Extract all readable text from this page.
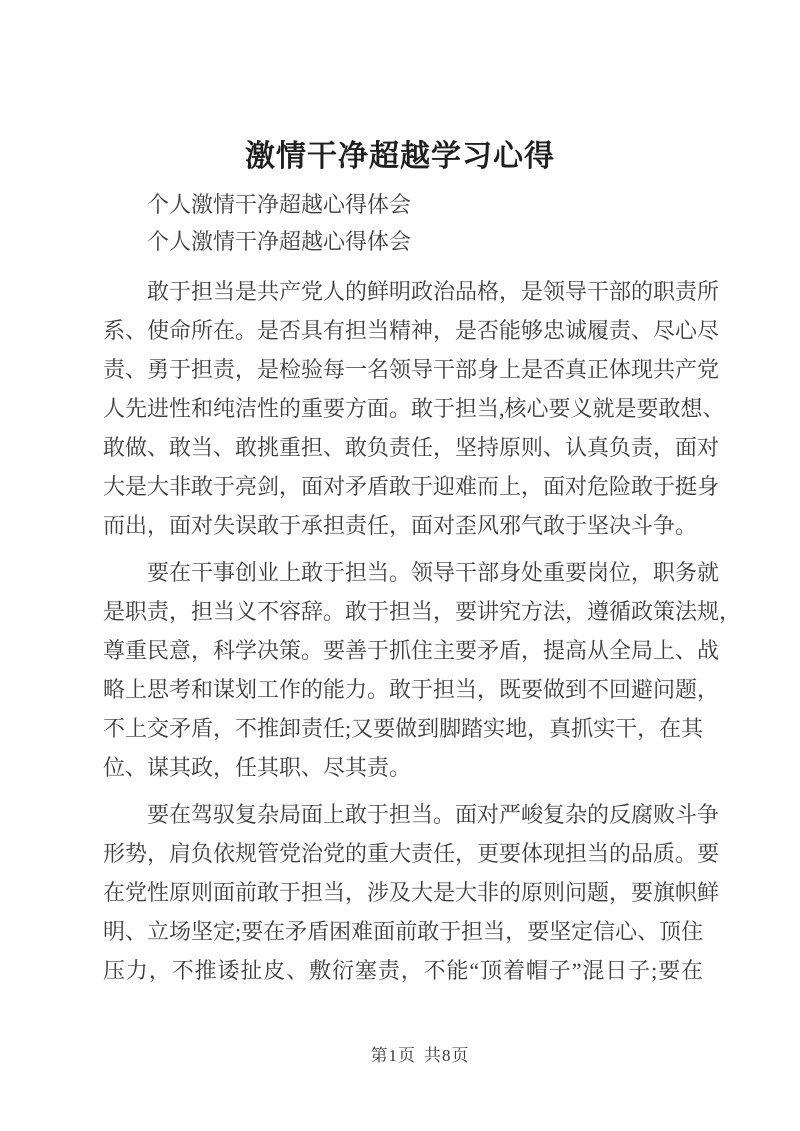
激情干净超越学习心得
个人激情干净超越心得体会
个人激情干净超越心得体会
敢于担当是共产党人的鲜明政治品格，是领导干部的职责所
系、使命所在。是否具有担当精神，是否能够忠诚履责、尽心尽
责、勇于担责，是检验每一名领导干部身上是否真正体现共产党
人先进性和纯洁性的重要方面。敢于担当,核心要义就是要敢想、
敢做、敢当、敢挑重担、敢负责任，坚持原则、认真负责，面对
大是大非敢于亮剑，面对矛盾敢于迎难而上，面对危险敢于挺身
而出，面对失误敢于承担责任，面对歪风邪气敢于坚决斗争。
要在干事创业上敢于担当。领导干部身处重要岗位，职务就
是职责，担当义不容辞。敢于担当，要讲究方法，遵循政策法规，
尊重民意，科学决策。要善于抓住主要矛盾，提高从全局上、战
略上思考和谋划工作的能力。敢于担当，既要做到不回避问题，
不上交矛盾，不推卸责任;又要做到脚踏实地，真抓实干，在其
位、谋其政，任其职、尽其责。
要在驾驭复杂局面上敢于担当。面对严峻复杂的反腐败斗争
形势，肩负依规管党治党的重大责任，更要体现担当的品质。要
在党性原则面前敢于担当，涉及大是大非的原则问题，要旗帜鲜
明、立场坚定;要在矛盾困难面前敢于担当，要坚定信心、顶住
压力，不推诿扯皮、敷衍塞责，不能“顶着帽子”混日子;要在
第1页 共8页
